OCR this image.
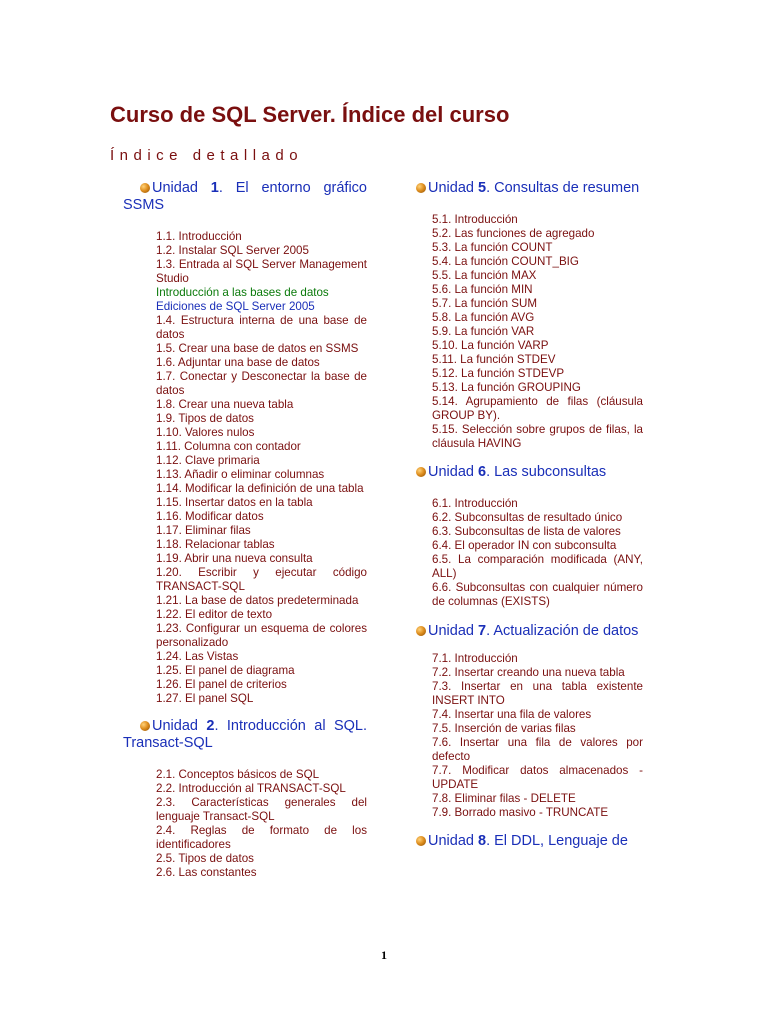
Curso de SQL Server. Índice del curso
Índice detallado

Unidad 1. El entorno gráfico SSMS

1.1. Introducción
1.2. Instalar SQL Server 2005
1.3. Entrada al SQL Server Management Studio
Introducción a las bases de datos
Ediciones de SQL Server 2005
1.4. Estructura interna de una base de datos
1.5. Crear una base de datos en SSMS
1.6. Adjuntar una base de datos
1.7. Conectar y Desconectar la base de datos
1.8. Crear una nueva tabla
1.9. Tipos de datos
1.10. Valores nulos
1.11. Columna con contador
1.12. Clave primaria
1.13. Añadir o eliminar columnas
1.14. Modificar la definición de una tabla
1.15. Insertar datos en la tabla
1.16. Modificar datos
1.17. Eliminar filas
1.18. Relacionar tablas
1.19. Abrir una nueva consulta
1.20. Escribir y ejecutar código TRANSACT-SQL
1.21. La base de datos predeterminada
1.22. El editor de texto
1.23. Configurar un esquema de colores personalizado
1.24. Las Vistas
1.25. El panel de diagrama
1.26. El panel de criterios
1.27. El panel SQL

Unidad 2. Introducción al SQL. Transact-SQL

2.1. Conceptos básicos de SQL
2.2. Introducción al TRANSACT-SQL
2.3. Características generales del lenguaje Transact-SQL
2.4. Reglas de formato de los identificadores
2.5. Tipos de datos
2.6. Las constantes

Unidad 5. Consultas de resumen

5.1. Introducción
5.2. Las funciones de agregado
5.3. La función COUNT
5.4. La función COUNT_BIG
5.5. La función MAX
5.6. La función MIN
5.7. La función SUM
5.8. La función AVG
5.9. La función VAR
5.10. La función VARP
5.11. La función STDEV
5.12. La función STDEVP
5.13. La función GROUPING
5.14. Agrupamiento de filas (cláusula GROUP BY).
5.15. Selección sobre grupos de filas, la cláusula HAVING

Unidad 6. Las subconsultas

6.1. Introducción
6.2. Subconsultas de resultado único
6.3. Subconsultas de lista de valores
6.4. El operador IN con subconsulta
6.5. La comparación modificada (ANY, ALL)
6.6. Subconsultas con cualquier número de columnas (EXISTS)

Unidad 7. Actualización de datos

7.1. Introducción
7.2. Insertar creando una nueva tabla
7.3. Insertar en una tabla existente INSERT INTO
7.4. Insertar una fila de valores
7.5. Inserción de varias filas
7.6. Insertar una fila de valores por defecto
7.7. Modificar datos almacenados - UPDATE
7.8. Eliminar filas - DELETE
7.9. Borrado masivo - TRUNCATE

Unidad 8. El DDL, Lenguaje de

1
